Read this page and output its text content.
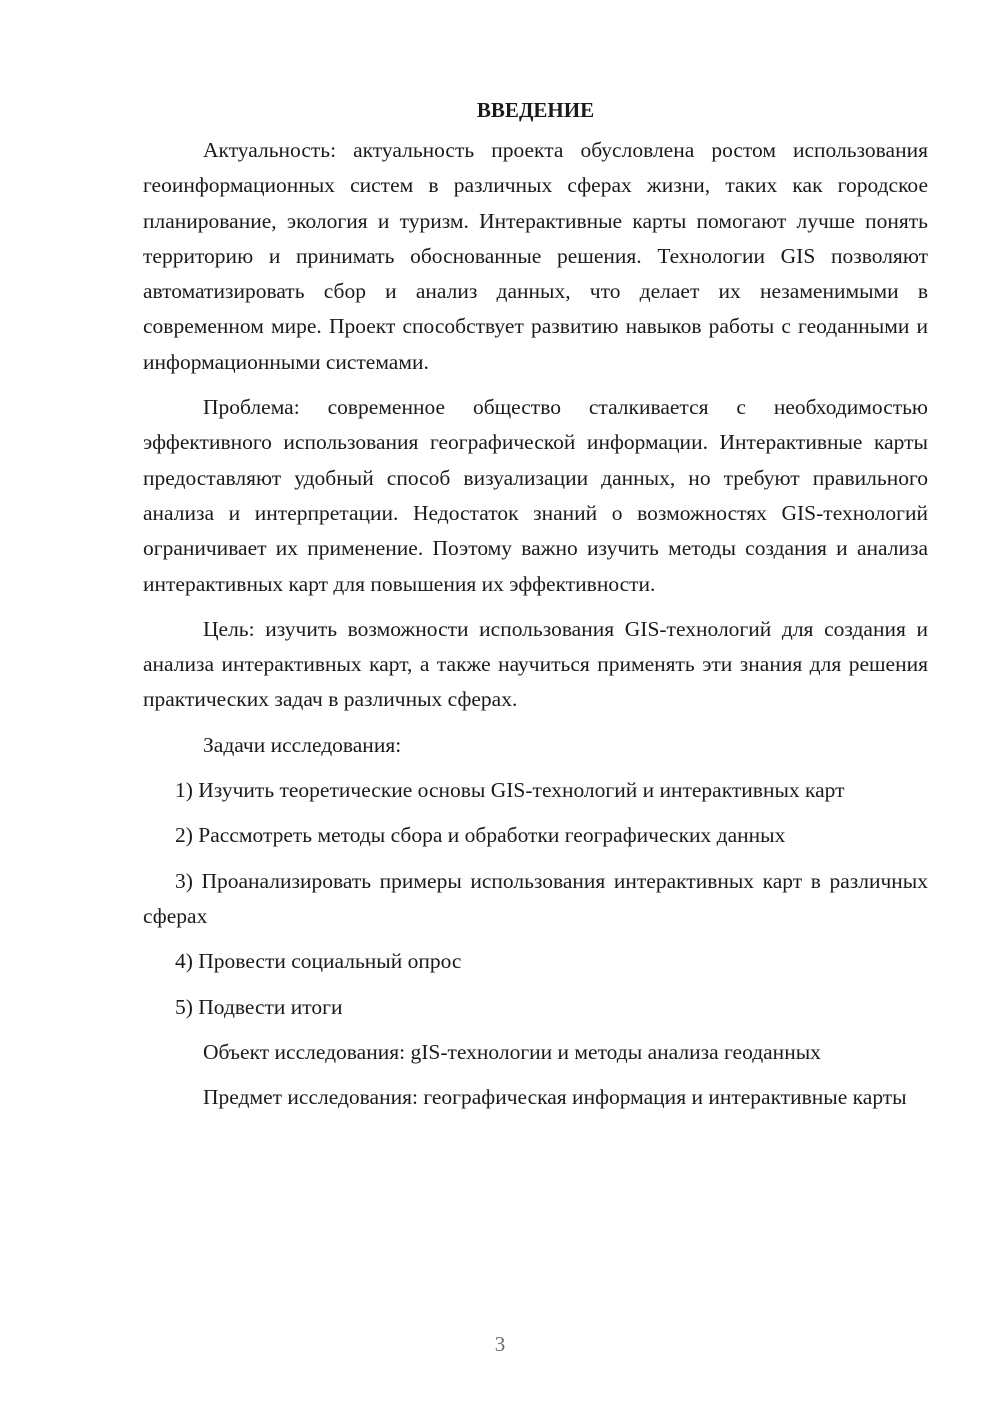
ВВЕДЕНИЕ

Актуальность: актуальность проекта обусловлена ростом использования геоинформационных систем в различных сферах жизни, таких как городское планирование, экология и туризм. Интерактивные карты помогают лучше понять территорию и принимать обоснованные решения. Технологии GIS позволяют автоматизировать сбор и анализ данных, что делает их незаменимыми в современном мире. Проект способствует развитию навыков работы с геоданными и информационными системами.

Проблема: современное общество сталкивается с необходимостью эффективного использования географической информации. Интерактивные карты предоставляют удобный способ визуализации данных, но требуют правильного анализа и интерпретации. Недостаток знаний о возможностях GIS-технологий ограничивает их применение. Поэтому важно изучить методы создания и анализа интерактивных карт для повышения их эффективности.

Цель: изучить возможности использования GIS-технологий для создания и анализа интерактивных карт, а также научиться применять эти знания для решения практических задач в различных сферах.

Задачи исследования:

1) Изучить теоретические основы GIS-технологий и интерактивных карт

2) Рассмотреть методы сбора и обработки географических данных

3) Проанализировать примеры использования интерактивных карт в различных сферах

4) Провести социальный опрос

5) Подвести итоги

Объект исследования: gIS-технологии и методы анализа геоданных

Предмет исследования: географическая информация и интерактивные карты

3
